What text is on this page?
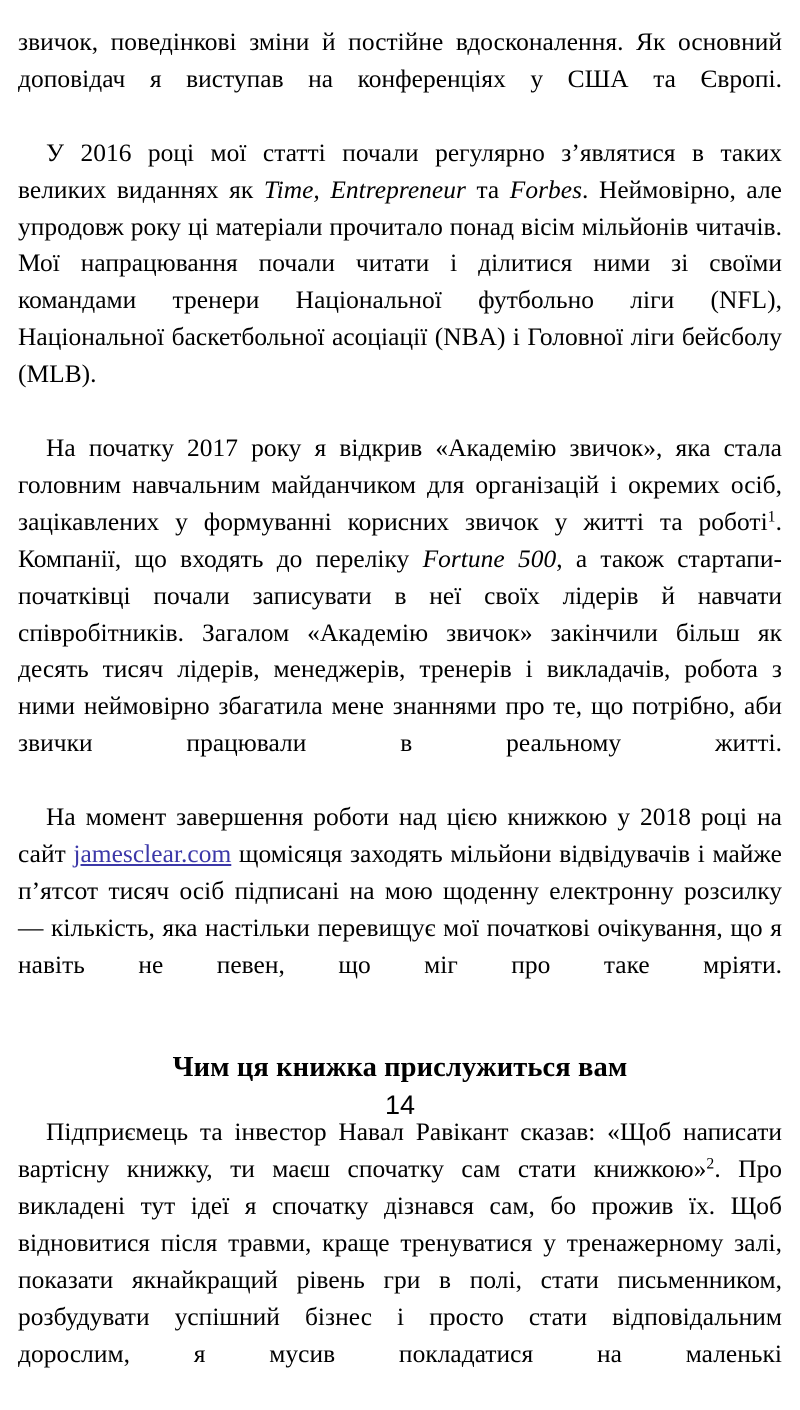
звичок, поведінкові зміни й постійне вдосконалення. Як основний доповідач я виступав на конференціях у США та Європі.

У 2016 році мої статті почали регулярно з’являтися в таких великих виданнях як Time, Entrepreneur та Forbes. Неймовірно, але упродовж року ці матеріали прочитало понад вісім мільйонів читачів. Мої напрацювання почали читати і ділитися ними зі своїми командами тренери Національної футбольно ліги (NFL), Національної баскетбольної асоціації (NBA) і Головної ліги бейсболу (MLB).

На початку 2017 року я відкрив «Академію звичок», яка стала головним навчальним майданчиком для організацій і окремих осіб, зацікавлених у формуванні корисних звичок у житті та роботі$^1$. Компанії, що входять до переліку Fortune 500, а також стартапи-початківці почали записувати в неї своїх лідерів й навчати співробітників. Загалом «Академію звичок» закінчили більш як десять тисяч лідерів, менеджерів, тренерів і викладачів, робота з ними неймовірно збагатила мене знаннями про те, що потрібно, аби звички працювали в реальному житті.

На момент завершення роботи над цією книжкою у 2018 році на сайт jamesclear.com щомісяця заходять мільйони відвідувачів і майже п’ятсот тисяч осіб підписані на мою щоденну електронну розсилку — кількість, яка настільки перевищує мої початкові очікування, що я навіть не певен, що міг про таке мріяти.

Чим ця книжка прислужиться вам

Підприємець та інвестор Навал Равікант сказав: «Щоб написати вартісну книжку, ти маєш спочатку сам стати книжкою»$^2$. Про викладені тут ідеї я спочатку дізнався сам, бо прожив їх. Щоб відновитися після травми, краще тренуватися у тренажерному залі, показати якнайкращий рівень гри в полі, стати письменником, розбудувати успішний бізнес і просто стати відповідальним дорослим, я мусив покладатися на маленькі

14
